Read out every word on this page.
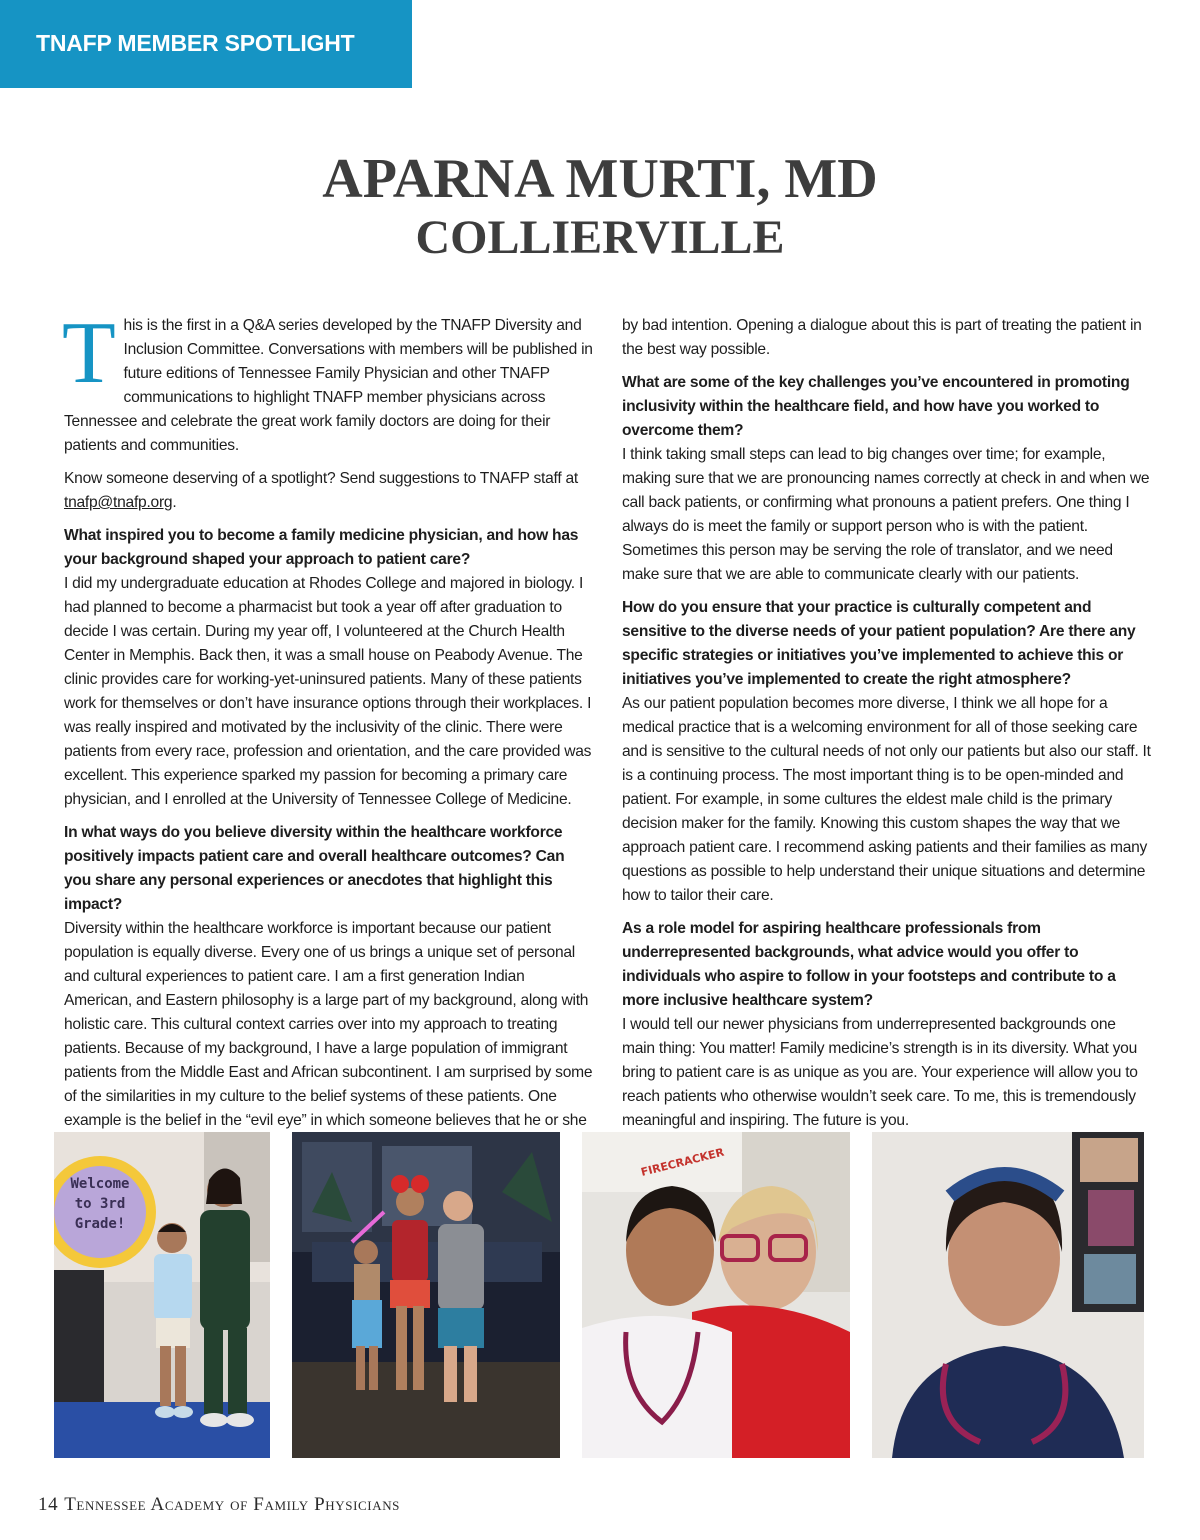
TNAFP MEMBER SPOTLIGHT
APARNA MURTI, MD
COLLIERVILLE

This is the first in a Q&A series developed by the TNAFP Diversity and Inclusion Committee. Conversations with members will be published in future editions of Tennessee Family Physician and other TNAFP communications to highlight TNAFP member physicians across Tennessee and celebrate the great work family doctors are doing for their patients and communities.

Know someone deserving of a spotlight? Send suggestions to TNAFP staff at tnafp@tnafp.org.

What inspired you to become a family medicine physician, and how has your background shaped your approach to patient care?

I did my undergraduate education at Rhodes College and majored in biology. I had planned to become a pharmacist but took a year off after graduation to decide I was certain. During my year off, I volunteered at the Church Health Center in Memphis. Back then, it was a small house on Peabody Avenue. The clinic provides care for working-yet-uninsured patients. Many of these patients work for themselves or don’t have insurance options through their workplaces. I was really inspired and motivated by the inclusivity of the clinic. There were patients from every race, profession and orientation, and the care provided was excellent. This experience sparked my passion for becoming a primary care physician, and I enrolled at the University of Tennessee College of Medicine.

In what ways do you believe diversity within the healthcare workforce positively impacts patient care and overall healthcare outcomes? Can you share any personal experiences or anecdotes that highlight this impact?

Diversity within the healthcare workforce is important because our patient population is equally diverse. Every one of us brings a unique set of personal and cultural experiences to patient care. I am a first generation Indian American, and Eastern philosophy is a large part of my background, along with holistic care. This cultural context carries over into my approach to treating patients. Because of my background, I have a large population of immigrant patients from the Middle East and African subcontinent. I am surprised by some of the similarities in my culture to the belief systems of these patients. One example is the belief in the “evil eye” in which someone believes that he or she

by bad intention. Opening a dialogue about this is part of treating the patient in the best way possible.

What are some of the key challenges you’ve encountered in promoting inclusivity within the healthcare field, and how have you worked to overcome them?

I think taking small steps can lead to big changes over time; for example, making sure that we are pronouncing names correctly at check in and when we call back patients, or confirming what pronouns a patient prefers. One thing I always do is meet the family or support person who is with the patient. Sometimes this person may be serving the role of translator, and we need make sure that we are able to communicate clearly with our patients.

How do you ensure that your practice is culturally competent and sensitive to the diverse needs of your patient population? Are there any specific strategies or initiatives you’ve implemented to achieve this or initiatives you’ve implemented to create the right atmosphere?

As our patient population becomes more diverse, I think we all hope for a medical practice that is a welcoming environment for all of those seeking care and is sensitive to the cultural needs of not only our patients but also our staff. It is a continuing process. The most important thing is to be open-minded and patient. For example, in some cultures the eldest male child is the primary decision maker for the family. Knowing this custom shapes the way that we approach patient care. I recommend asking patients and their families as many questions as possible to help understand their unique situations and determine how to tailor their care.

As a role model for aspiring healthcare professionals from underrepresented backgrounds, what advice would you offer to individuals who aspire to follow in your footsteps and contribute to a more inclusive healthcare system?

I would tell our newer physicians from underrepresented backgrounds one main thing: You matter! Family medicine’s strength is in its diversity. What you bring to patient care is as unique as you are. Your experience will allow you to reach patients who otherwise wouldn’t seek care. To me, this is tremendously meaningful and inspiring. The future is you.

Welcome
to 3rd
Grade!
FIRECRACKER
14 Tennessee Academy of Family Physicians
